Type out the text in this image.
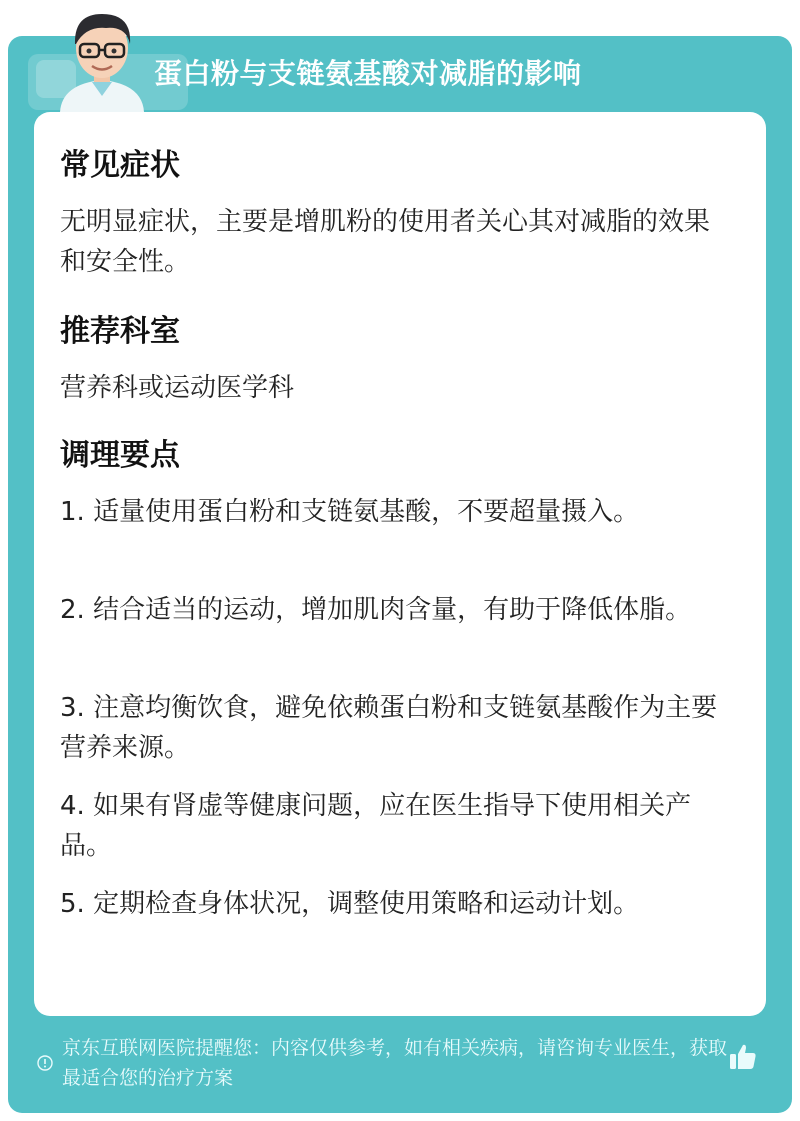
蛋白粉与支链氨基酸对减脂的影响
常见症状
无明显症状，主要是增肌粉的使用者关心其对减脂的效果和安全性。
推荐科室
营养科或运动医学科
调理要点
1. 适量使用蛋白粉和支链氨基酸，不要超量摄入。
2. 结合适当的运动，增加肌肉含量，有助于降低体脂。
3. 注意均衡饮食，避免依赖蛋白粉和支链氨基酸作为主要营养来源。
4. 如果有肾虚等健康问题，应在医生指导下使用相关产品。
5. 定期检查身体状况，调整使用策略和运动计划。
京东互联网医院提醒您：内容仅供参考，如有相关疾病，请咨询专业医生，获取最适合您的治疗方案
